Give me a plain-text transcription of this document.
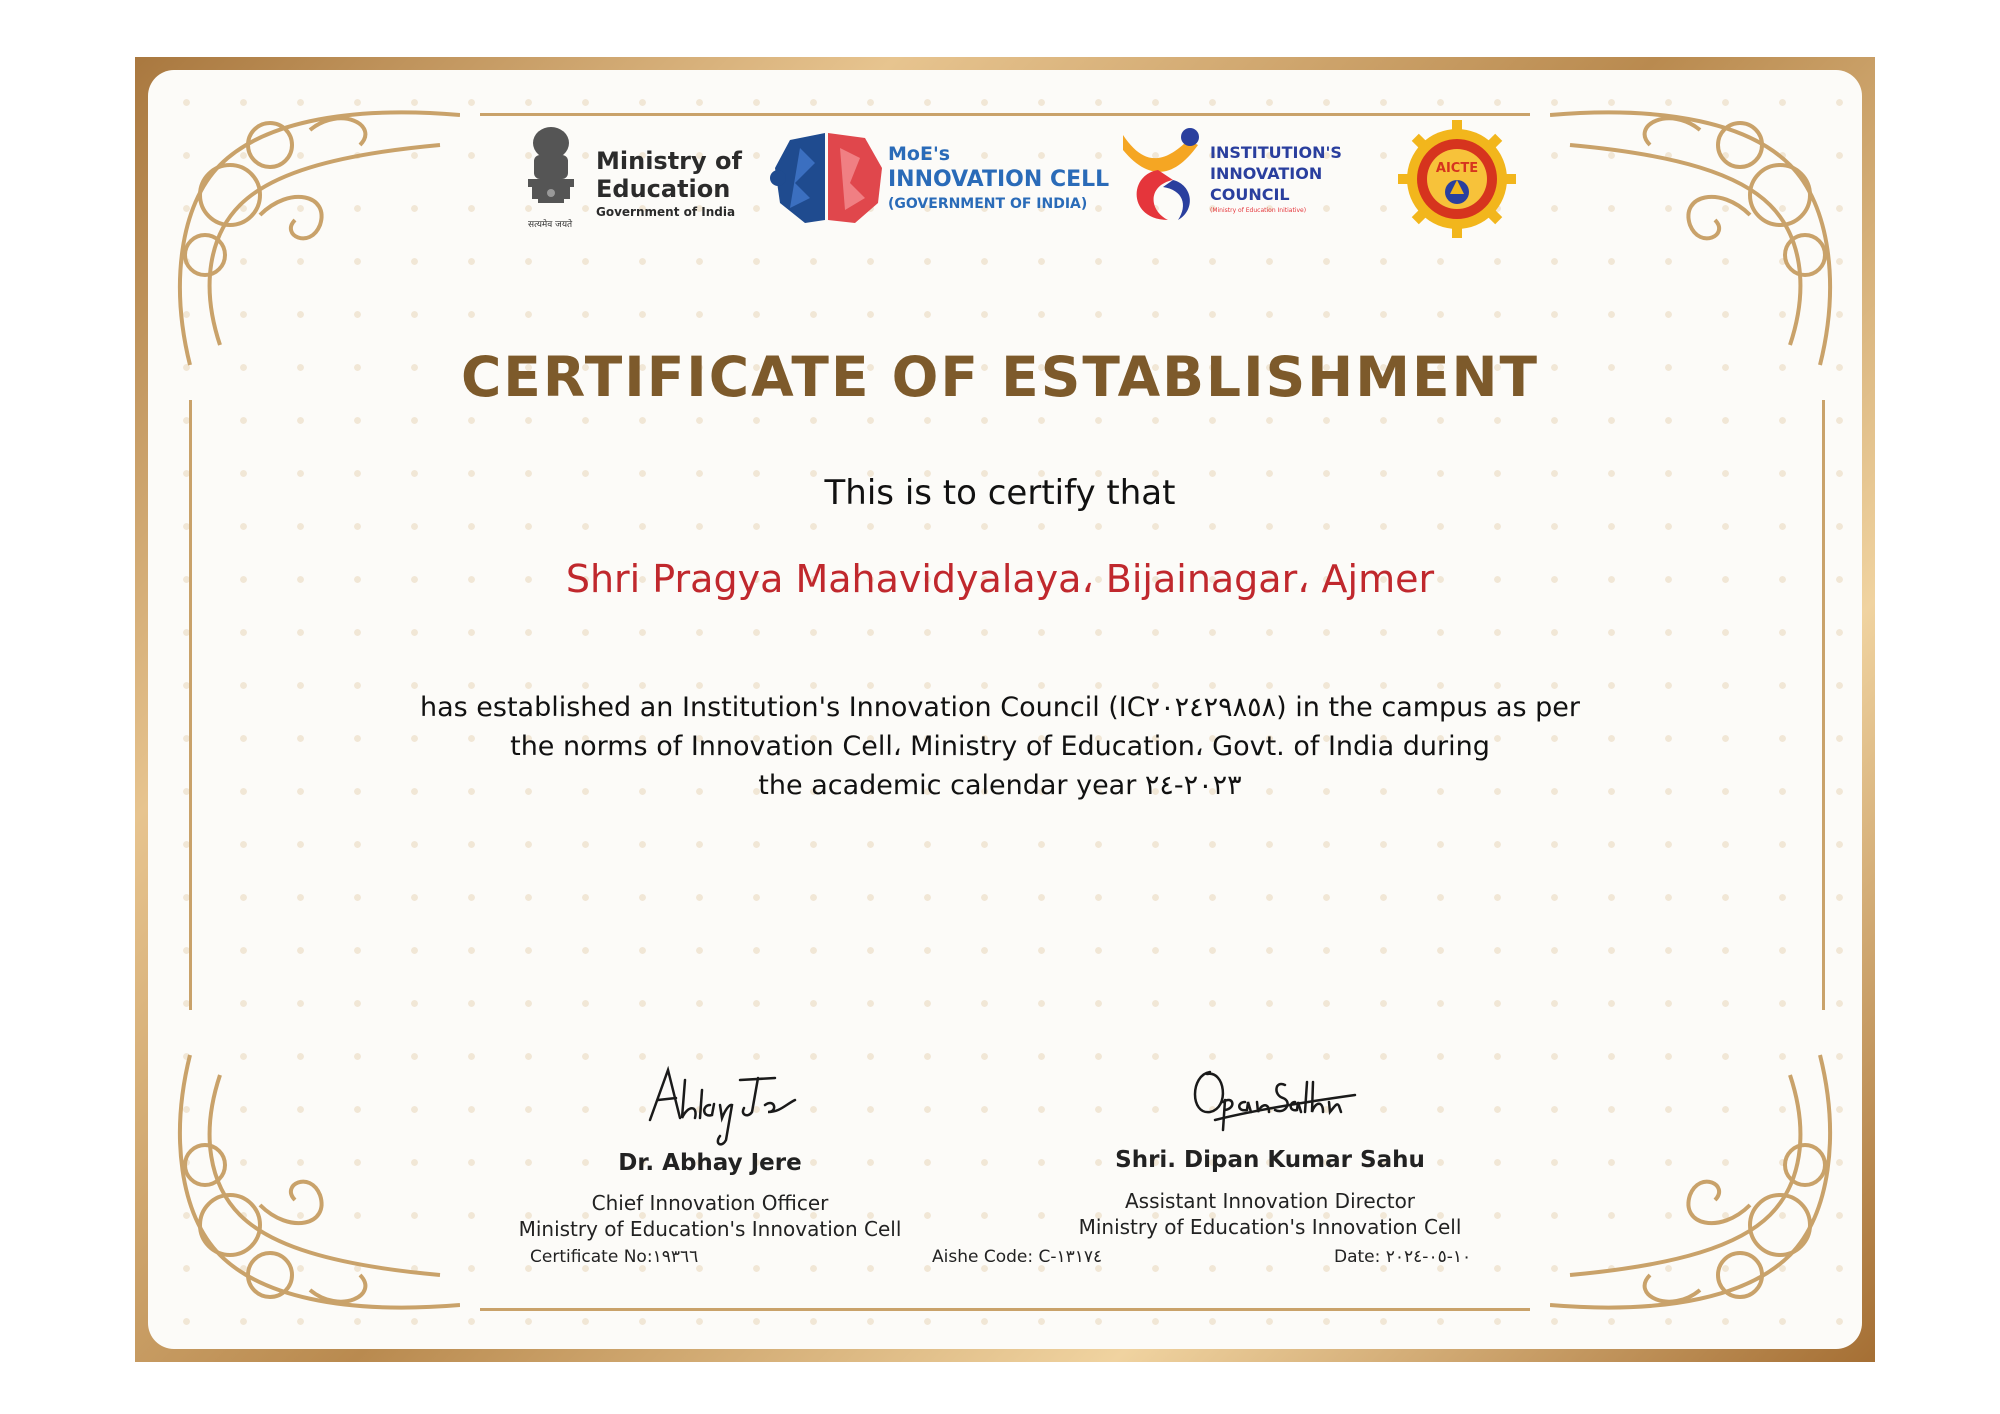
सत्यमेव जयते
Ministry of
Education
Government of India
MoE's
INNOVATION CELL
(GOVERNMENT OF INDIA)
INSTITUTION'S
INNOVATION
COUNCIL
(Ministry of Education Initiative)
AICTE
CERTIFICATE OF ESTABLISHMENT
This is to certify that
Shri Pragya Mahavidyalaya، Bijainagar، Ajmer
has established an Institution's Innovation Council (IC٢٠٢٤٢٩٨٥٨) in the campus as per
the norms of Innovation Cell، Ministry of Education، Govt. of India during
the academic calendar year ٢٠٢٣-٢٤
Dr. Abhay Jere
Chief Innovation Officer
Ministry of Education's Innovation Cell
Shri. Dipan Kumar Sahu
Assistant Innovation Director
Ministry of Education's Innovation Cell
Certificate No:١٩٣٦٦	Aishe Code: C-١٣١٧٤	Date: ١٠-٠٥-٢٠٢٤
